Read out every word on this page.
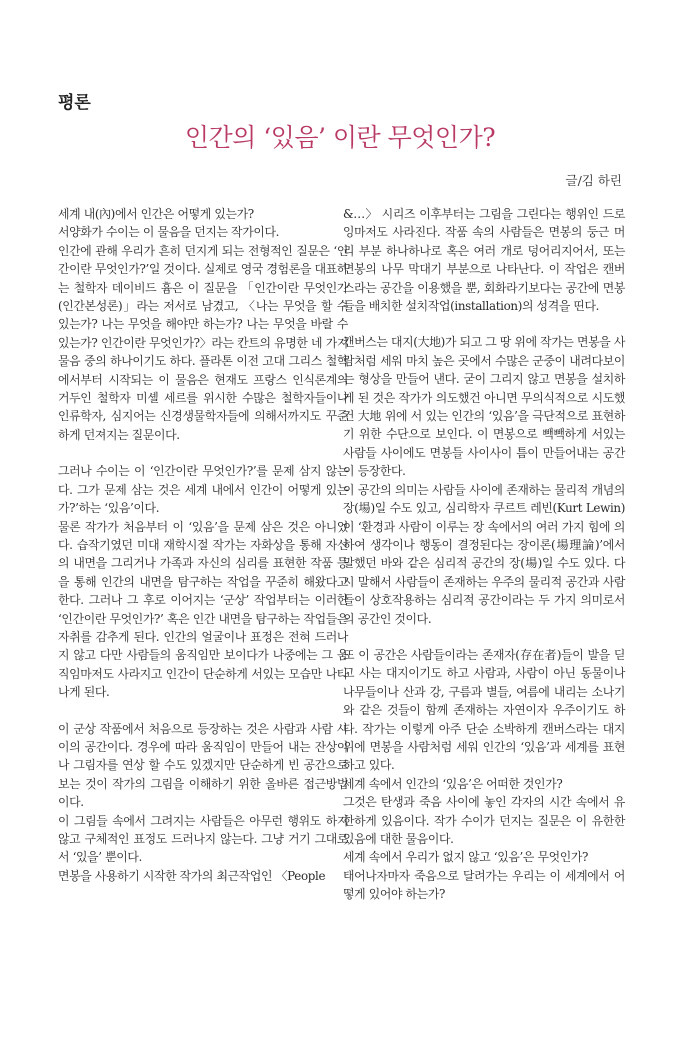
평론
인간의 ‘있음’ 이란 무엇인가?
글/김 하린

세계 내(內)에서 인간은 어떻게 있는가?

서양화가 수이는 이 물음을 던지는 작가이다.

인간에 관해 우리가 흔히 던지게 되는 전형적인 질문은 ‘인간이란 무엇인가?’일 것이다. 실제로 영국 경험론을 대표하는 철학자 데이비드 흄은 이 질문을 「인간이란 무엇인가(인간본성론)」라는 저서로 남겼고, 〈나는 무엇을 할 수 있는가? 나는 무엇을 해야만 하는가? 나는 무엇을 바랄 수 있는가? 인간이란 무엇인가?〉라는 칸트의 유명한 네 가지 물음 중의 하나이기도 하다. 플라톤 이전 고대 그리스 철학에서부터 시작되는 이 물음은 현재도 프랑스 인식론계의 거두인 철학자 미셸 세르를 위시한 수많은 철학자들이나 인류학자, 심지어는 신경생물학자들에 의해서까지도 꾸준하게 던져지는 질문이다.

그러나 수이는 이 ‘인간이란 무엇인가?’를 문제 삼지 않는다. 그가 문제 삼는 것은 세계 내에서 인간이 어떻게 있는가?’하는 ‘있음’이다.

물론 작가가 처음부터 이 ‘있음’을 문제 삼은 것은 아니었다. 습작기였던 미대 재학시절 작가는 자화상을 통해 자신의 내면을 그리거나 가족과 자신의 심리를 표현한 작품 등을 통해 인간의 내면을 탐구하는 작업을 꾸준히 해왔다고 한다. 그러나 그 후로 이어지는 ‘군상’ 작업부터는 이러한 ‘인간이란 무엇인가?’ 혹은 인간 내면을 탐구하는 작업들은 자취를 감추게 된다. 인간의 얼굴이나 표정은 전혀 드러나지 않고 다만 사람들의 움직임만 보이다가 나중에는 그 움직임마저도 사라지고 인간이 단순하게 서있는 모습만 나타나게 된다.

이 군상 작품에서 처음으로 등장하는 것은 사람과 사람 사이의 공간이다. 경우에 따라 움직임이 만들어 내는 잔상이나 그림자를 연상 할 수도 있겠지만 단순하게 빈 공간으로 보는 것이 작가의 그림을 이해하기 위한 올바른 접근방법이다.

이 그림들 속에서 그려지는 사람들은 아무런 행위도 하지 않고 구체적인 표정도 드러나지 않는다. 그냥 거기 그대로 서 ‘있을’ 뿐이다.

면봉을 사용하기 시작한 작가의 최근작업인 〈People

&…〉 시리즈 이후부터는 그림을 그린다는 행위인 드로잉마저도 사라진다. 작품 속의 사람들은 면봉의 둥근 머리 부분 하나하나로 혹은 여러 개로 덩어리지어서, 또는 면봉의 나무 막대기 부분으로 나타난다. 이 작업은 캔버스라는 공간을 이용했을 뿐, 회화라기보다는 공간에 면봉들을 배치한 설치작업(installation)의 성격을 띤다.

캔버스는 대지(大地)가 되고 그 땅 위에 작가는 면봉을 사람처럼 세워 마치 높은 곳에서 수많은 군중이 내려다보이는 형상을 만들어 낸다. 굳이 그리지 않고 면봉을 설치하게 된 것은 작가가 의도했건 아니면 무의식적으로 시도했건 大地 위에 서 있는 인간의 ‘있음’을 극단적으로 표현하기 위한 수단으로 보인다. 이 면봉으로 빽빽하게 서있는 사람들 사이에도 면봉들 사이사이 틈이 만들어내는 공간이 등장한다.

이 공간의 의미는 사람들 사이에 존재하는 물리적 개념의 장(場)일 수도 있고, 심리학자 쿠르트 레빈(Kurt Lewin)이 ‘환경과 사람이 이루는 장 속에서의 여러 가지 힘에 의하여 생각이나 행동이 결정된다는 장이론(場理論)’에서 말했던 바와 같은 심리적 공간의 장(場)일 수도 있다. 다시 말해서 사람들이 존재하는 우주의 물리적 공간과 사람들이 상호작용하는 심리적 공간이라는 두 가지 의미로서의 공간인 것이다.

또 이 공간은 사람들이라는 존재자(存在者)들이 발을 딛고 사는 대지이기도 하고 사람과, 사람이 아닌 동물이나 나무들이나 산과 강, 구름과 별들, 여름에 내리는 소나기와 같은 것들이 함께 존재하는 자연이자 우주이기도 하다. 작가는 이렇게 아주 단순 소박하게 캔버스라는 대지 위에 면봉을 사람처럼 세워 인간의 ‘있음’과 세계를 표현하고 있다.

세계 속에서 인간의 ‘있음’은 어떠한 것인가?

그것은 탄생과 죽음 사이에 놓인 각자의 시간 속에서 유한하게 있음이다. 작가 수이가 던지는 질문은 이 유한한 있음에 대한 물음이다.

세계 속에서 우리가 없지 않고 ‘있음’은 무엇인가?

태어나자마자 죽음으로 달려가는 우리는 이 세계에서 어떻게 있어야 하는가?
